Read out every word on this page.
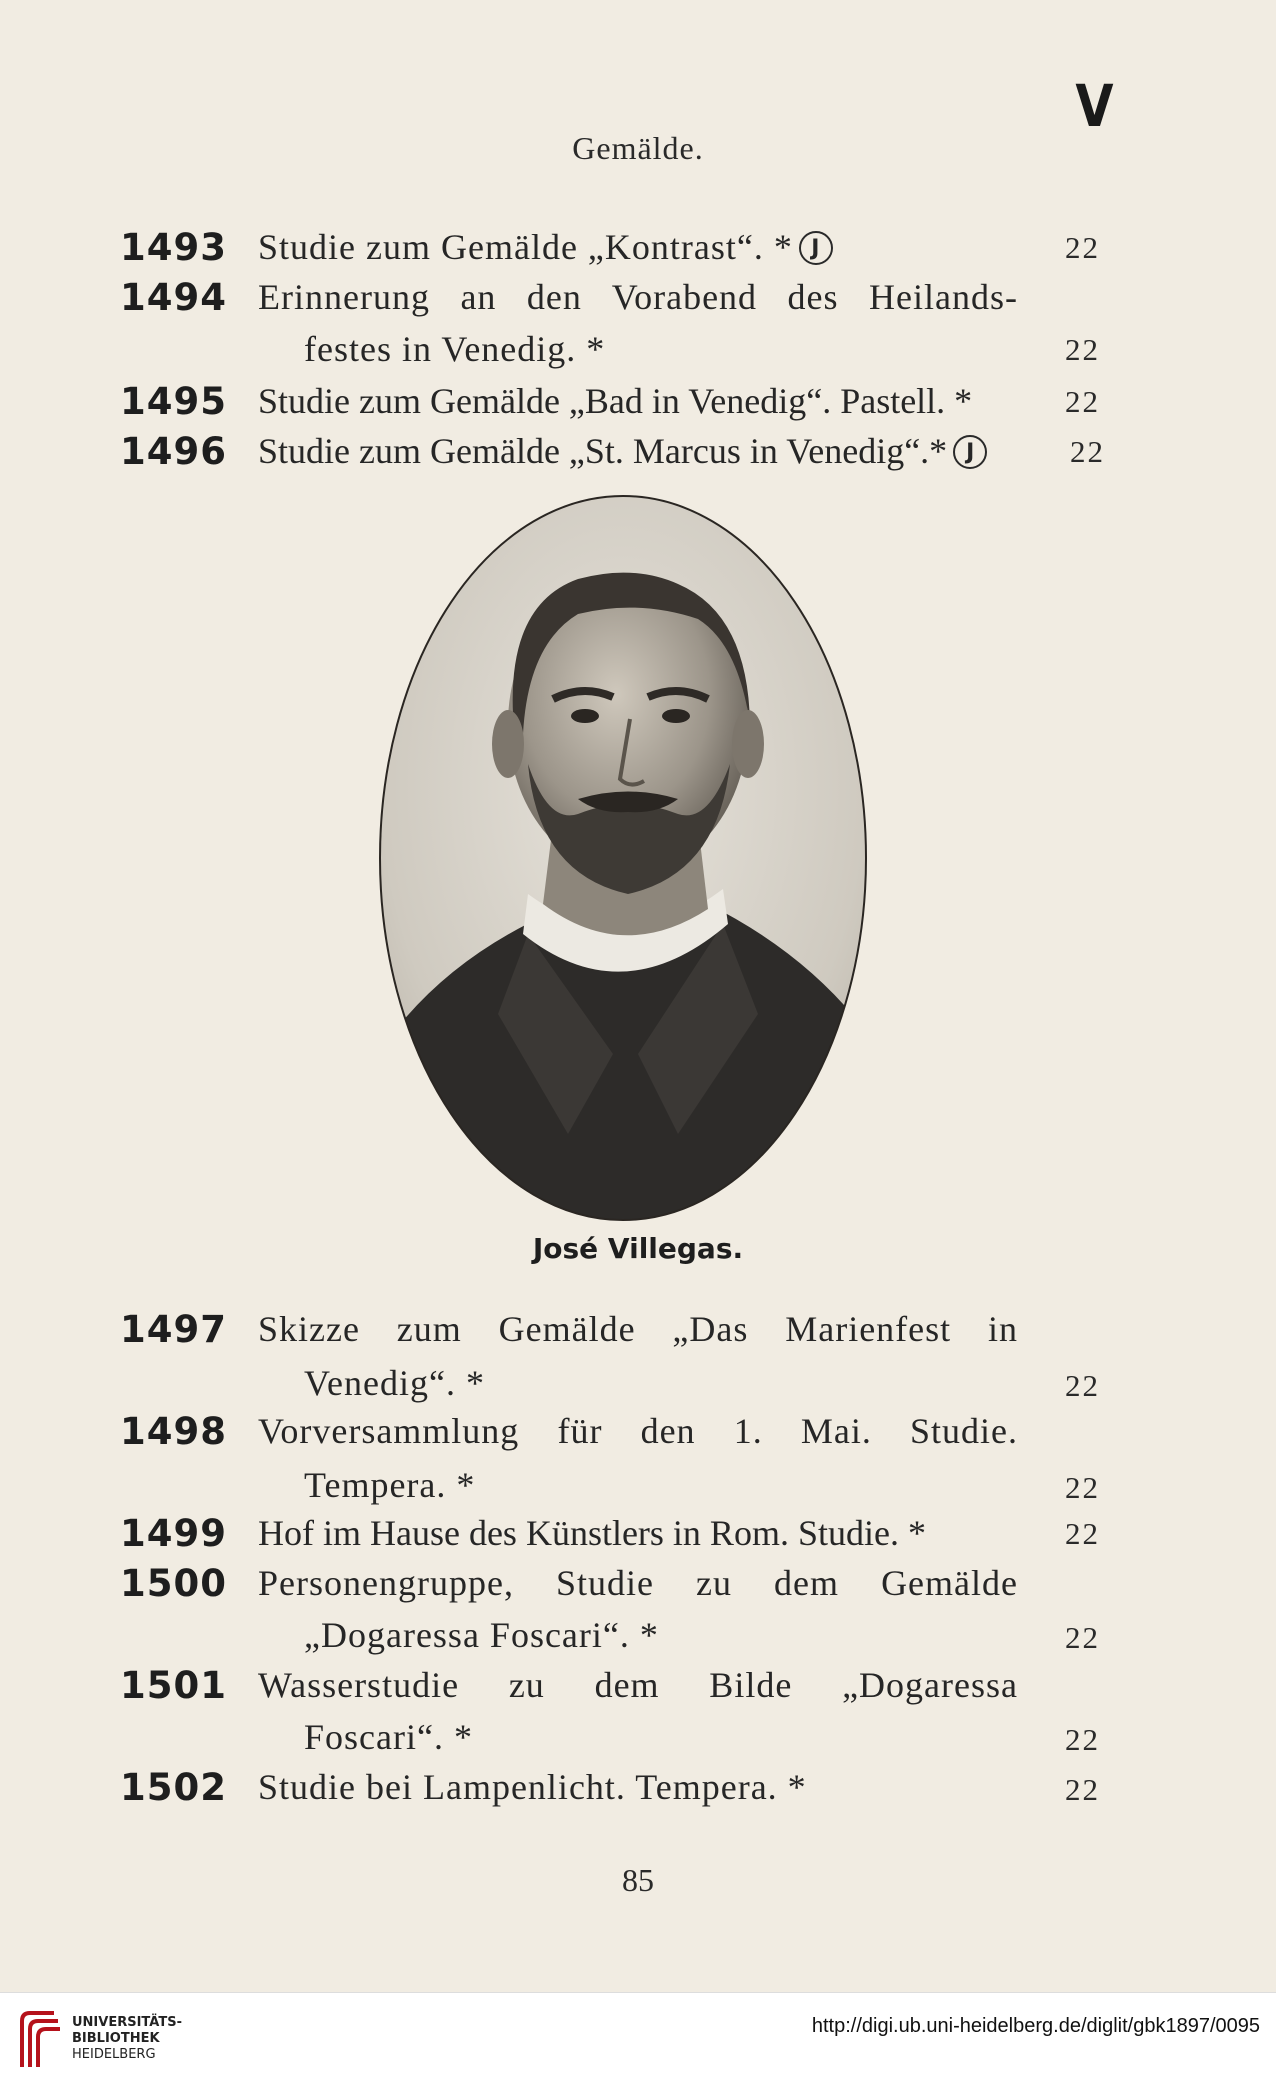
V
Gemälde.
1493 Studie zum Gemälde „Kontrast“. * J	22
1494 Erinnerung an den Vorabend des Heilands-
festes in Venedig. *	22
1495 Studie zum Gemälde „Bad in Venedig“. Pastell. *	22
1496 Studie zum Gemälde „St. Marcus in Venedig“.* J	22
1497 Skizze zum Gemälde „Das Marienfest in
Venedig“. *	22
1498 Vorversammlung für den 1. Mai. Studie.
Tempera. *	22
1499 Hof im Hause des Künstlers in Rom. Studie. *	22
1500 Personengruppe, Studie zu dem Gemälde
„Dogaressa Foscari“. *	22
1501 Wasserstudie zu dem Bilde „Dogaressa
Foscari“. *	22
1502 Studie bei Lampenlicht. Tempera. *	22
José Villegas.
85
UNIVERSITÄTS-
BIBLIOTHEK
HEIDELBERG
http://digi.ub.uni-heidelberg.de/diglit/gbk1897/0095
